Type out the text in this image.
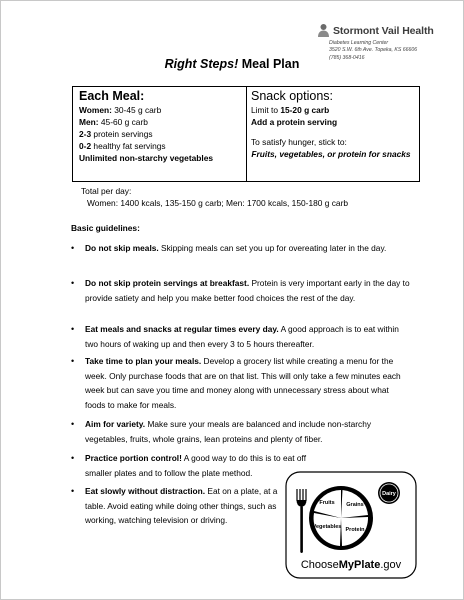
Stormont Vail Health
Diabetes Learning Center
3520 S.W. 6th Ave. Topeka, KS 66606
(785) 368-0416
Right Steps! Meal Plan
Each Meal:
Women: 30-45 g carb
Men: 45-60 g carb
2-3 protein servings
0-2 healthy fat servings
Unlimited non-starchy vegetables
Snack options:
Limit to 15-20 g carb
Add a protein serving
To satisfy hunger, stick to:
Fruits, vegetables, or protein for snacks
Total per day:
Women: 1400 kcals, 135-150 g carb; Men: 1700 kcals, 150-180 g carb
Basic guidelines:
•	Do not skip meals. Skipping meals can set you up for overeating later in the day.
•	Do not skip protein servings at breakfast. Protein is very important early in the day to provide satiety and help you make better food choices the rest of the day.
•	Eat meals and snacks at regular times every day. A good approach is to eat within two hours of waking up and then every 3 to 5 hours thereafter.
•	Take time to plan your meals. Develop a grocery list while creating a menu for the week. Only purchase foods that are on that list. This will only take a few minutes each week but can save you time and money along with unnecessary stress about what foods to make for meals.
•	Aim for variety. Make sure your meals are balanced and include non-starchy vegetables, fruits, whole grains, lean proteins and plenty of fiber.
•	Practice portion control! A good way to do this is to eat off smaller plates and to follow the plate method.
•	Eat slowly without distraction. Eat on a plate, at a table. Avoid eating while doing other things, such as working, watching television or driving.
Fruits Grains
Vegetables Protein
Dairy
ChooseMyPlate.gov
